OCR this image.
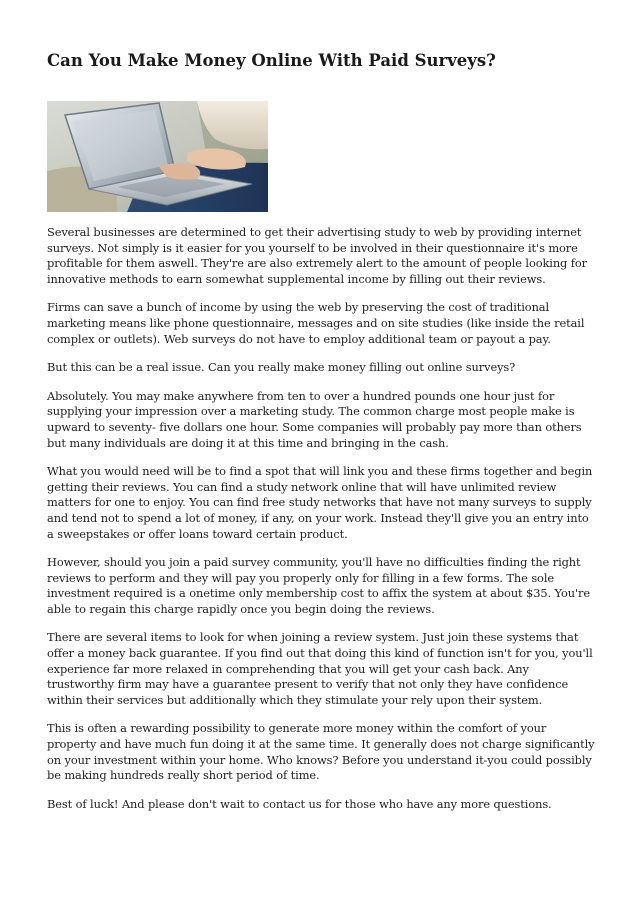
Can You Make Money Online With Paid Surveys?

Several businesses are determined to get their advertising study to web by providing internet surveys. Not simply is it easier for you yourself to be involved in their questionnaire it's more profitable for them aswell. They're are also extremely alert to the amount of people looking for innovative methods to earn somewhat supplemental income by filling out their reviews.

Firms can save a bunch of income by using the web by preserving the cost of traditional marketing means like phone questionnaire, messages and on site studies (like inside the retail complex or outlets). Web surveys do not have to employ additional team or payout a pay.

But this can be a real issue. Can you really make money filling out online surveys?

Absolutely. You may make anywhere from ten to over a hundred pounds one hour just for supplying your impression over a marketing study. The common charge most people make is upward to seventy- five dollars one hour. Some companies will probably pay more than others but many individuals are doing it at this time and bringing in the cash.

What you would need will be to find a spot that will link you and these firms together and begin getting their reviews. You can find a study network online that will have unlimited review matters for one to enjoy. You can find free study networks that have not many surveys to supply and tend not to spend a lot of money, if any, on your work. Instead they'll give you an entry into a sweepstakes or offer loans toward certain product.

However, should you join a paid survey community, you'll have no difficulties finding the right reviews to perform and they will pay you properly only for filling in a few forms. The sole investment required is a onetime only membership cost to affix the system at about $35. You're able to regain this charge rapidly once you begin doing the reviews.

There are several items to look for when joining a review system. Just join these systems that offer a money back guarantee. If you find out that doing this kind of function isn't for you, you'll experience far more relaxed in comprehending that you will get your cash back. Any trustworthy firm may have a guarantee present to verify that not only they have confidence within their services but additionally which they stimulate your rely upon their system.

This is often a rewarding possibility to generate more money within the comfort of your property and have much fun doing it at the same time. It generally does not charge significantly on your investment within your home. Who knows? Before you understand it-you could possibly be making hundreds really short period of time.

Best of luck! And please don't wait to contact us for those who have any more questions.
